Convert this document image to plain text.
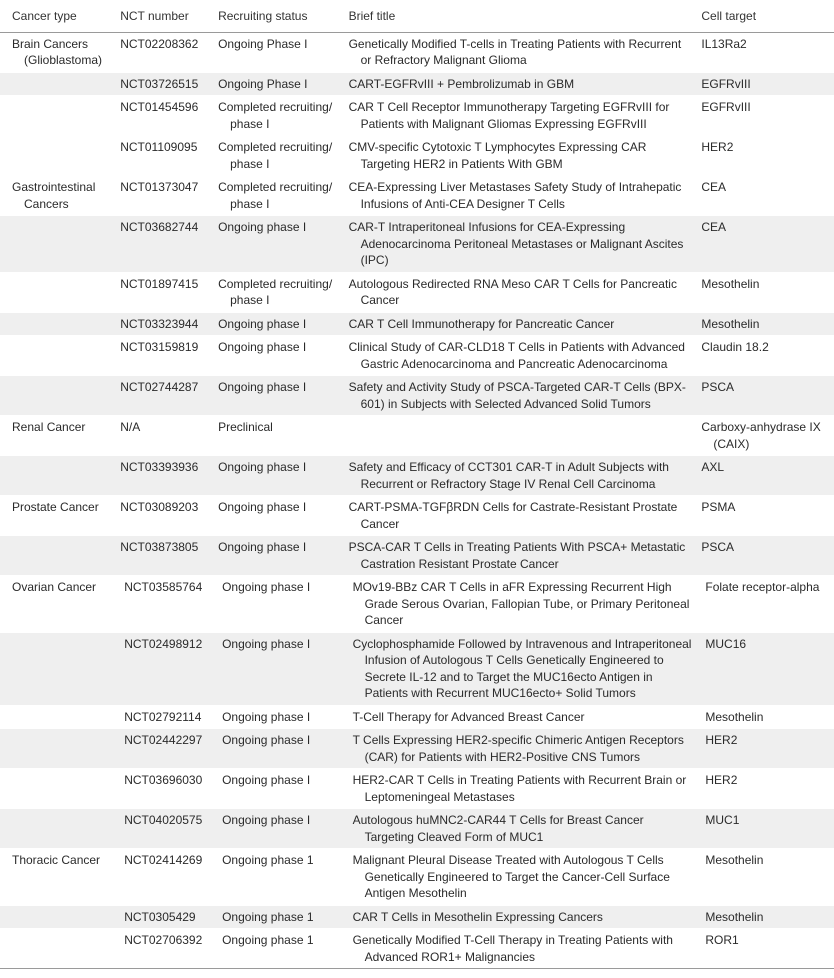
Cancer type	NCT number	Recruiting status	Brief title	Cell target

Brain Cancers (Glioblastoma)	NCT02208362	Ongoing Phase I	Genetically Modified T-cells in Treating Patients with Recurrent or Refractory Malignant Glioma	IL13Ra2

	NCT03726515	Ongoing Phase I	CART-EGFRvIII + Pembrolizumab in GBM	EGFRvIII

	NCT01454596	Completed recruiting/ phase I	CAR T Cell Receptor Immunotherapy Targeting EGFRvIII for Patients with Malignant Gliomas Expressing EGFRvIII	EGFRvIII

	NCT01109095	Completed recruiting/ phase I	CMV-specific Cytotoxic T Lymphocytes Expressing CAR Targeting HER2 in Patients With GBM	HER2

Gastrointestinal Cancers	NCT01373047	Completed recruiting/ phase I	CEA-Expressing Liver Metastases Safety Study of Intrahepatic Infusions of Anti-CEA Designer T Cells	CEA

	NCT03682744	Ongoing phase I	CAR-T Intraperitoneal Infusions for CEA-Expressing Adenocarcinoma Peritoneal Metastases or Malignant Ascites (IPC)	CEA

	NCT01897415	Completed recruiting/ phase I	Autologous Redirected RNA Meso CAR T Cells for Pancreatic Cancer	Mesothelin

	NCT03323944	Ongoing phase I	CAR T Cell Immunotherapy for Pancreatic Cancer	Mesothelin

	NCT03159819	Ongoing phase I	Clinical Study of CAR-CLD18 T Cells in Patients with Advanced Gastric Adenocarcinoma and Pancreatic Adenocarcinoma	Claudin 18.2

	NCT02744287	Ongoing phase I	Safety and Activity Study of PSCA-Targeted CAR-T Cells (BPX-601) in Subjects with Selected Advanced Solid Tumors	PSCA

Renal Cancer	N/A	Preclinical		Carboxy-anhydrase IX (CAIX)

	NCT03393936	Ongoing phase I	Safety and Efficacy of CCT301 CAR-T in Adult Subjects with Recurrent or Refractory Stage IV Renal Cell Carcinoma	AXL

Prostate Cancer	NCT03089203	Ongoing phase I	CART-PSMA-TGFβRDN Cells for Castrate-Resistant Prostate Cancer	PSMA

	NCT03873805	Ongoing phase I	PSCA-CAR T Cells in Treating Patients With PSCA+ Metastatic Castration Resistant Prostate Cancer	PSCA

Ovarian Cancer	NCT03585764	Ongoing phase I	MOv19-BBz CAR T Cells in aFR Expressing Recurrent High Grade Serous Ovarian, Fallopian Tube, or Primary Peritoneal Cancer	Folate receptor-alpha

	NCT02498912	Ongoing phase I	Cyclophosphamide Followed by Intravenous and Intraperitoneal Infusion of Autologous T Cells Genetically Engineered to Secrete IL-12 and to Target the MUC16ecto Antigen in Patients with Recurrent MUC16ecto+ Solid Tumors	MUC16

	NCT02792114	Ongoing phase I	T-Cell Therapy for Advanced Breast Cancer	Mesothelin

	NCT02442297	Ongoing phase I	T Cells Expressing HER2-specific Chimeric Antigen Receptors (CAR) for Patients with HER2-Positive CNS Tumors	HER2

	NCT03696030	Ongoing phase I	HER2-CAR T Cells in Treating Patients with Recurrent Brain or Leptomeningeal Metastases	HER2

	NCT04020575	Ongoing phase I	Autologous huMNC2-CAR44 T Cells for Breast Cancer Targeting Cleaved Form of MUC1	MUC1

Thoracic Cancer	NCT02414269	Ongoing phase 1	Malignant Pleural Disease Treated with Autologous T Cells Genetically Engineered to Target the Cancer-Cell Surface Antigen Mesothelin	Mesothelin

	NCT0305429	Ongoing phase 1	CAR T Cells in Mesothelin Expressing Cancers	Mesothelin

	NCT02706392	Ongoing phase 1	Genetically Modified T-Cell Therapy in Treating Patients with Advanced ROR1+ Malignancies	ROR1
